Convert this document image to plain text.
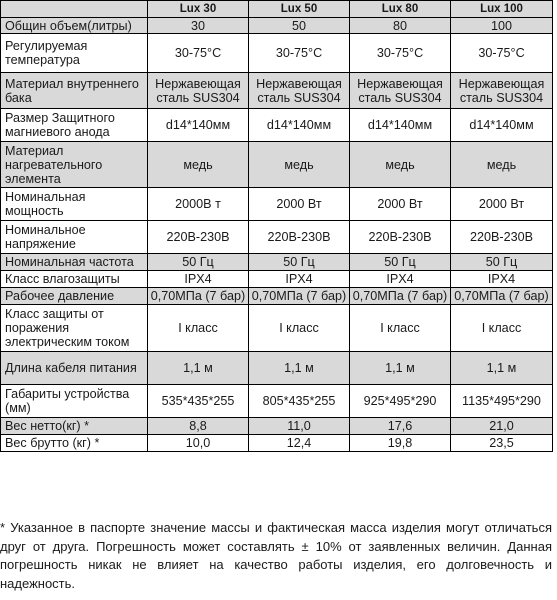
	Lux 30	Lux 50	Lux 80	Lux 100
Общин объем(литры)	30	50	80	100
Регулируемая температура	30-75°C	30-75°C	30-75°C	30-75°C
Материал внутреннего бака	Нержавеющая сталь SUS304	Нержавеющая сталь SUS304	Нержавеющая сталь SUS304	Нержавеющая сталь SUS304
Размер Защитного магниевого анода	d14*140мм	d14*140мм	d14*140мм	d14*140мм
Материал нагревательного элемента	медь	медь	медь	медь
Номинальная мощность	2000В т	2000 Вт	2000 Вт	2000 Вт
Номинальное напряжение	220В-230В	220В-230В	220В-230В	220В-230В
Номинальная частота	50 Гц	50 Гц	50 Гц	50 Гц
Класс влагозащиты	IPX4	IPX4	IPX4	IPX4
Рабочее давление	0,70МПа (7 бар)	0,70МПа (7 бар)	0,70МПа (7 бар)	0,70МПа (7 бар)
Класс защиты от поражения электрическим током	I класс	I класс	I класс	I класс
Длина кабеля питания	1,1 м	1,1 м	1,1 м	1,1 м
Габариты устройства (мм)	535*435*255	805*435*255	925*495*290	1135*495*290
Вес нетто(кг) *	8,8	11,0	17,6	21,0
Вес брутто (кг) *	10,0	12,4	19,8	23,5

* Указанное в паспорте значение массы и фактическая масса изделия могут отличаться друг от друга. Погрешность может составлять ± 10% от заявленных величин. Данная погрешность никак не влияет на качество работы изделия, его долговечность и надежность.
